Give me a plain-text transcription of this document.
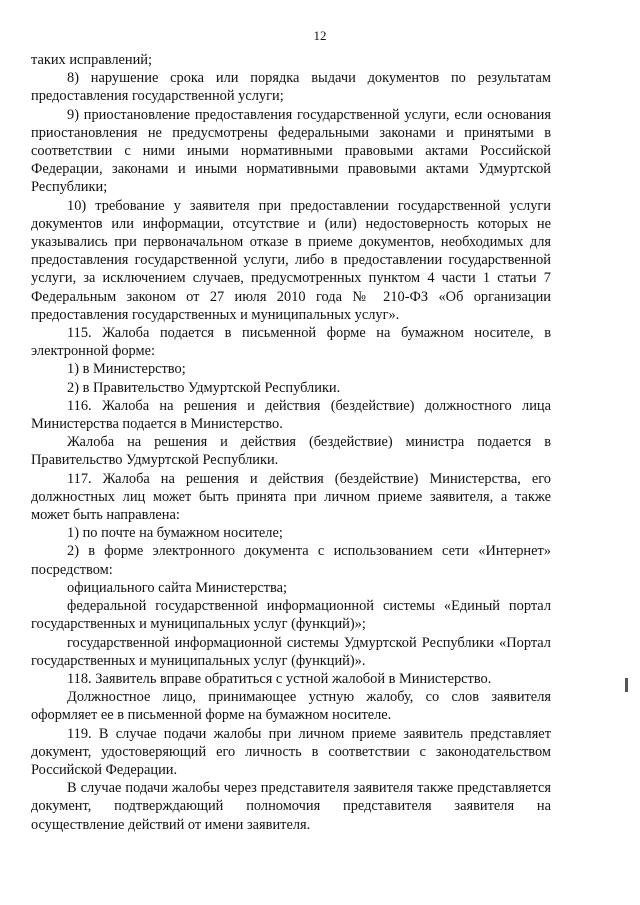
12

таких исправлений;

8) нарушение срока или порядка выдачи документов по результатам предоставления государственной услуги;

9) приостановление предоставления государственной услуги, если основания приостановления не предусмотрены федеральными законами и принятыми в соответствии с ними иными нормативными правовыми актами Российской Федерации, законами и иными нормативными правовыми актами Удмуртской Республики;

10) требование у заявителя при предоставлении государственной услуги документов или информации, отсутствие и (или) недостоверность которых не указывались при первоначальном отказе в приеме документов, необходимых для предоставления государственной услуги, либо в предоставлении государственной услуги, за исключением случаев, предусмотренных пунктом 4 части 1 статьи 7 Федеральным законом от 27 июля 2010 года № 210-ФЗ «Об организации предоставления государственных и муниципальных услуг».

115. Жалоба подается в письменной форме на бумажном носителе, в электронной форме:

1) в Министерство;

2) в Правительство Удмуртской Республики.

116. Жалоба на решения и действия (бездействие) должностного лица Министерства подается в Министерство.

Жалоба на решения и действия (бездействие) министра подается в Правительство Удмуртской Республики.

117. Жалоба на решения и действия (бездействие) Министерства, его должностных лиц может быть принята при личном приеме заявителя, а также может быть направлена:

1) по почте на бумажном носителе;

2) в форме электронного документа с использованием сети «Интернет» посредством:

официального сайта Министерства;

федеральной государственной информационной системы «Единый портал государственных и муниципальных услуг (функций)»;

государственной информационной системы Удмуртской Республики «Портал государственных и муниципальных услуг (функций)».

118. Заявитель вправе обратиться с устной жалобой в Министерство.

Должностное лицо, принимающее устную жалобу, со слов заявителя оформляет ее в письменной форме на бумажном носителе.

119. В случае подачи жалобы при личном приеме заявитель представляет документ, удостоверяющий его личность в соответствии с законодательством Российской Федерации.

В случае подачи жалобы через представителя заявителя также представляется документ, подтверждающий полномочия представителя заявителя на осуществление действий от имени заявителя.
